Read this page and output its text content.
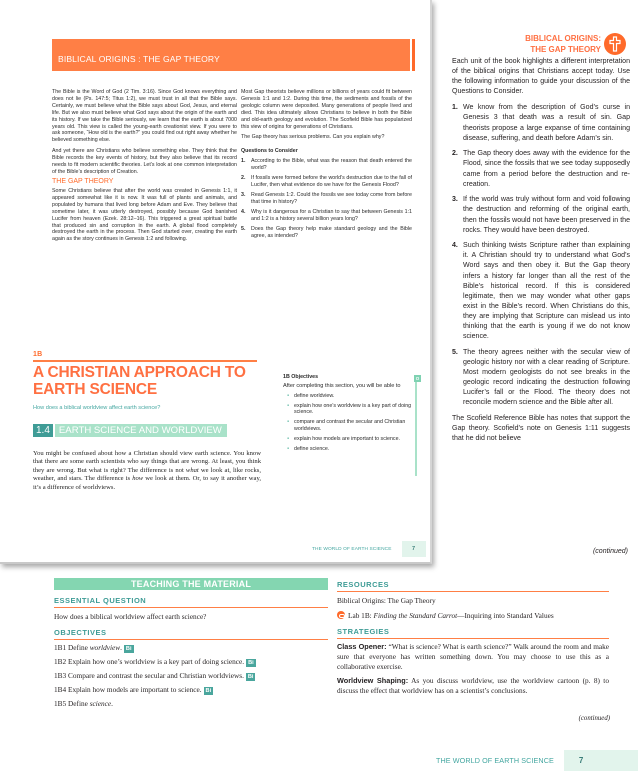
BIBLICAL ORIGINS : THE GAP THEORY

The Bible is the Word of God (2 Tim. 3:16). Since God knows everything and does not lie (Ps. 147:5; Titus 1:2), we must trust in all that the Bible says. Certainly, we must believe what the Bible says about God, Jesus, and eternal life. But we also must believe what God says about the origin of the earth and its history. If we take the Bible seriously, we learn that the earth is about 7000 years old. This view is called the young-earth creationist view. If you were to ask someone, “How old is the earth?” you could find out right away whether he believed something else.

And yet there are Christians who believe something else. They think that the Bible records the key events of history, but they also believe that its record needs to fit modern scientific theories. Let’s look at one common interpretation of the Bible’s description of Creation.

THE GAP THEORY

Some Christians believe that after the world was created in Genesis 1:1, it appeared somewhat like it is now. It was full of plants and animals, and populated by humans that lived long before Adam and Eve. They believe that sometime later, it was utterly destroyed, possibly because God banished Lucifer from heaven (Ezek. 28:12–16). This triggered a great spiritual battle that produced sin and corruption in the earth. A global flood completely destroyed the earth in the process. Then God started over, creating the earth again as the story continues in Genesis 1:2 and following.

Most Gap theorists believe millions or billions of years could fit between Genesis 1:1 and 1:2. During this time, the sediments and fossils of the geologic column were deposited. Many generations of people lived and died. This idea ultimately allows Christians to believe in both the Bible and old-earth geology and evolution. The Scofield Bible has popularized this view of origins for generations of Christians.

The Gap theory has serious problems. Can you explain why?

Questions to Consider
1.	According to the Bible, what was the reason that death entered the world?
2.	If fossils were formed before the world’s destruction due to the fall of Lucifer, then what evidence do we have for the Genesis Flood?
3.	Read Genesis 1:2. Could the fossils we see today come from before that time in history?
4.	Why is it dangerous for a Christian to say that between Genesis 1:1 and 1:2 is a history several billion years long?
5.	Does the Gap theory help make standard geology and the Bible agree, as intended?
1B
A CHRISTIAN APPROACH TO EARTH SCIENCE
How does a biblical worldview affect earth science?
1.4 EARTH SCIENCE AND WORLDVIEW
You might be confused about how a Christian should view earth science. You know that there are some earth scientists who say things that are wrong. At least, you think they are wrong. But what is right? The difference is not what we look at, like rocks, weather, and stars. The difference is how we look at them. Or, to say it another way, it’s a difference of worldviews.
1B Objectives
After completing this section, you will be able to
▪ define worldview.
▪ explain how one’s worldview is a key part of doing science.
▪ compare and contrast the secular and Christian worldviews.
▪ explain how models are important to science.
▪ define science.
O
THE WORLD OF EARTH SCIENCE	7
BIBLICAL ORIGINS:
THE GAP THEORY

Each unit of the book highlights a different interpretation of the biblical origins that Christians accept today. Use the following information to guide your discussion of the Questions to Consider.

1. We know from the description of God’s curse in Genesis 3 that death was a result of sin. Gap theorists propose a large expanse of time containing disease, suffering, and death before Adam’s sin.
2. The Gap theory does away with the evidence for the Flood, since the fossils that we see today supposedly came from a period before the destruction and re-creation.
3. If the world was truly without form and void following the destruction and reforming of the original earth, then the fossils would not have been preserved in the rocks. They would have been destroyed.
4. Such thinking twists Scripture rather than explaining it. A Christian should try to understand what God’s Word says and then obey it. But the Gap theory infers a history far longer than all the rest of the Bible’s historical record. If this is considered legitimate, then we may wonder what other gaps exist in the Bible’s record. When Christians do this, they are implying that Scripture can mislead us into thinking that the earth is young if we do not know science.
5. The theory agrees neither with the secular view of geologic history nor with a clear reading of Scripture. Most modern geologists do not see breaks in the geologic record indicating the destruction following Lucifer’s fall or the Flood. The theory does not reconcile modern science and the Bible after all.
The Scofield Reference Bible has notes that support the Gap theory. Scofield’s note on Genesis 1:11 suggests that he did not believe
(continued)
TEACHING THE MATERIAL
ESSENTIAL QUESTION
How does a biblical worldview affect earth science?
OBJECTIVES
1B1 Define worldview. Bi
1B2 Explain how one’s worldview is a key part of doing science. Bi
1B3 Compare and contrast the secular and Christian worldviews. Bi
1B4 Explain how models are important to science. Bi
1B5 Define science.
RESOURCES
Biblical Origins: The Gap Theory
Lab 1B: Finding the Standard Carrot—Inquiring into Standard Values
STRATEGIES
Class Opener: “What is science? What is earth science?” Walk around the room and make sure that everyone has written something down. You may choose to use this as a collaborative exercise.
Worldview Shaping: As you discuss worldview, use the worldview cartoon (p. 8) to discuss the effect that worldview has on a scientist’s conclusions.
(continued)
THE WORLD OF EARTH SCIENCE	7
